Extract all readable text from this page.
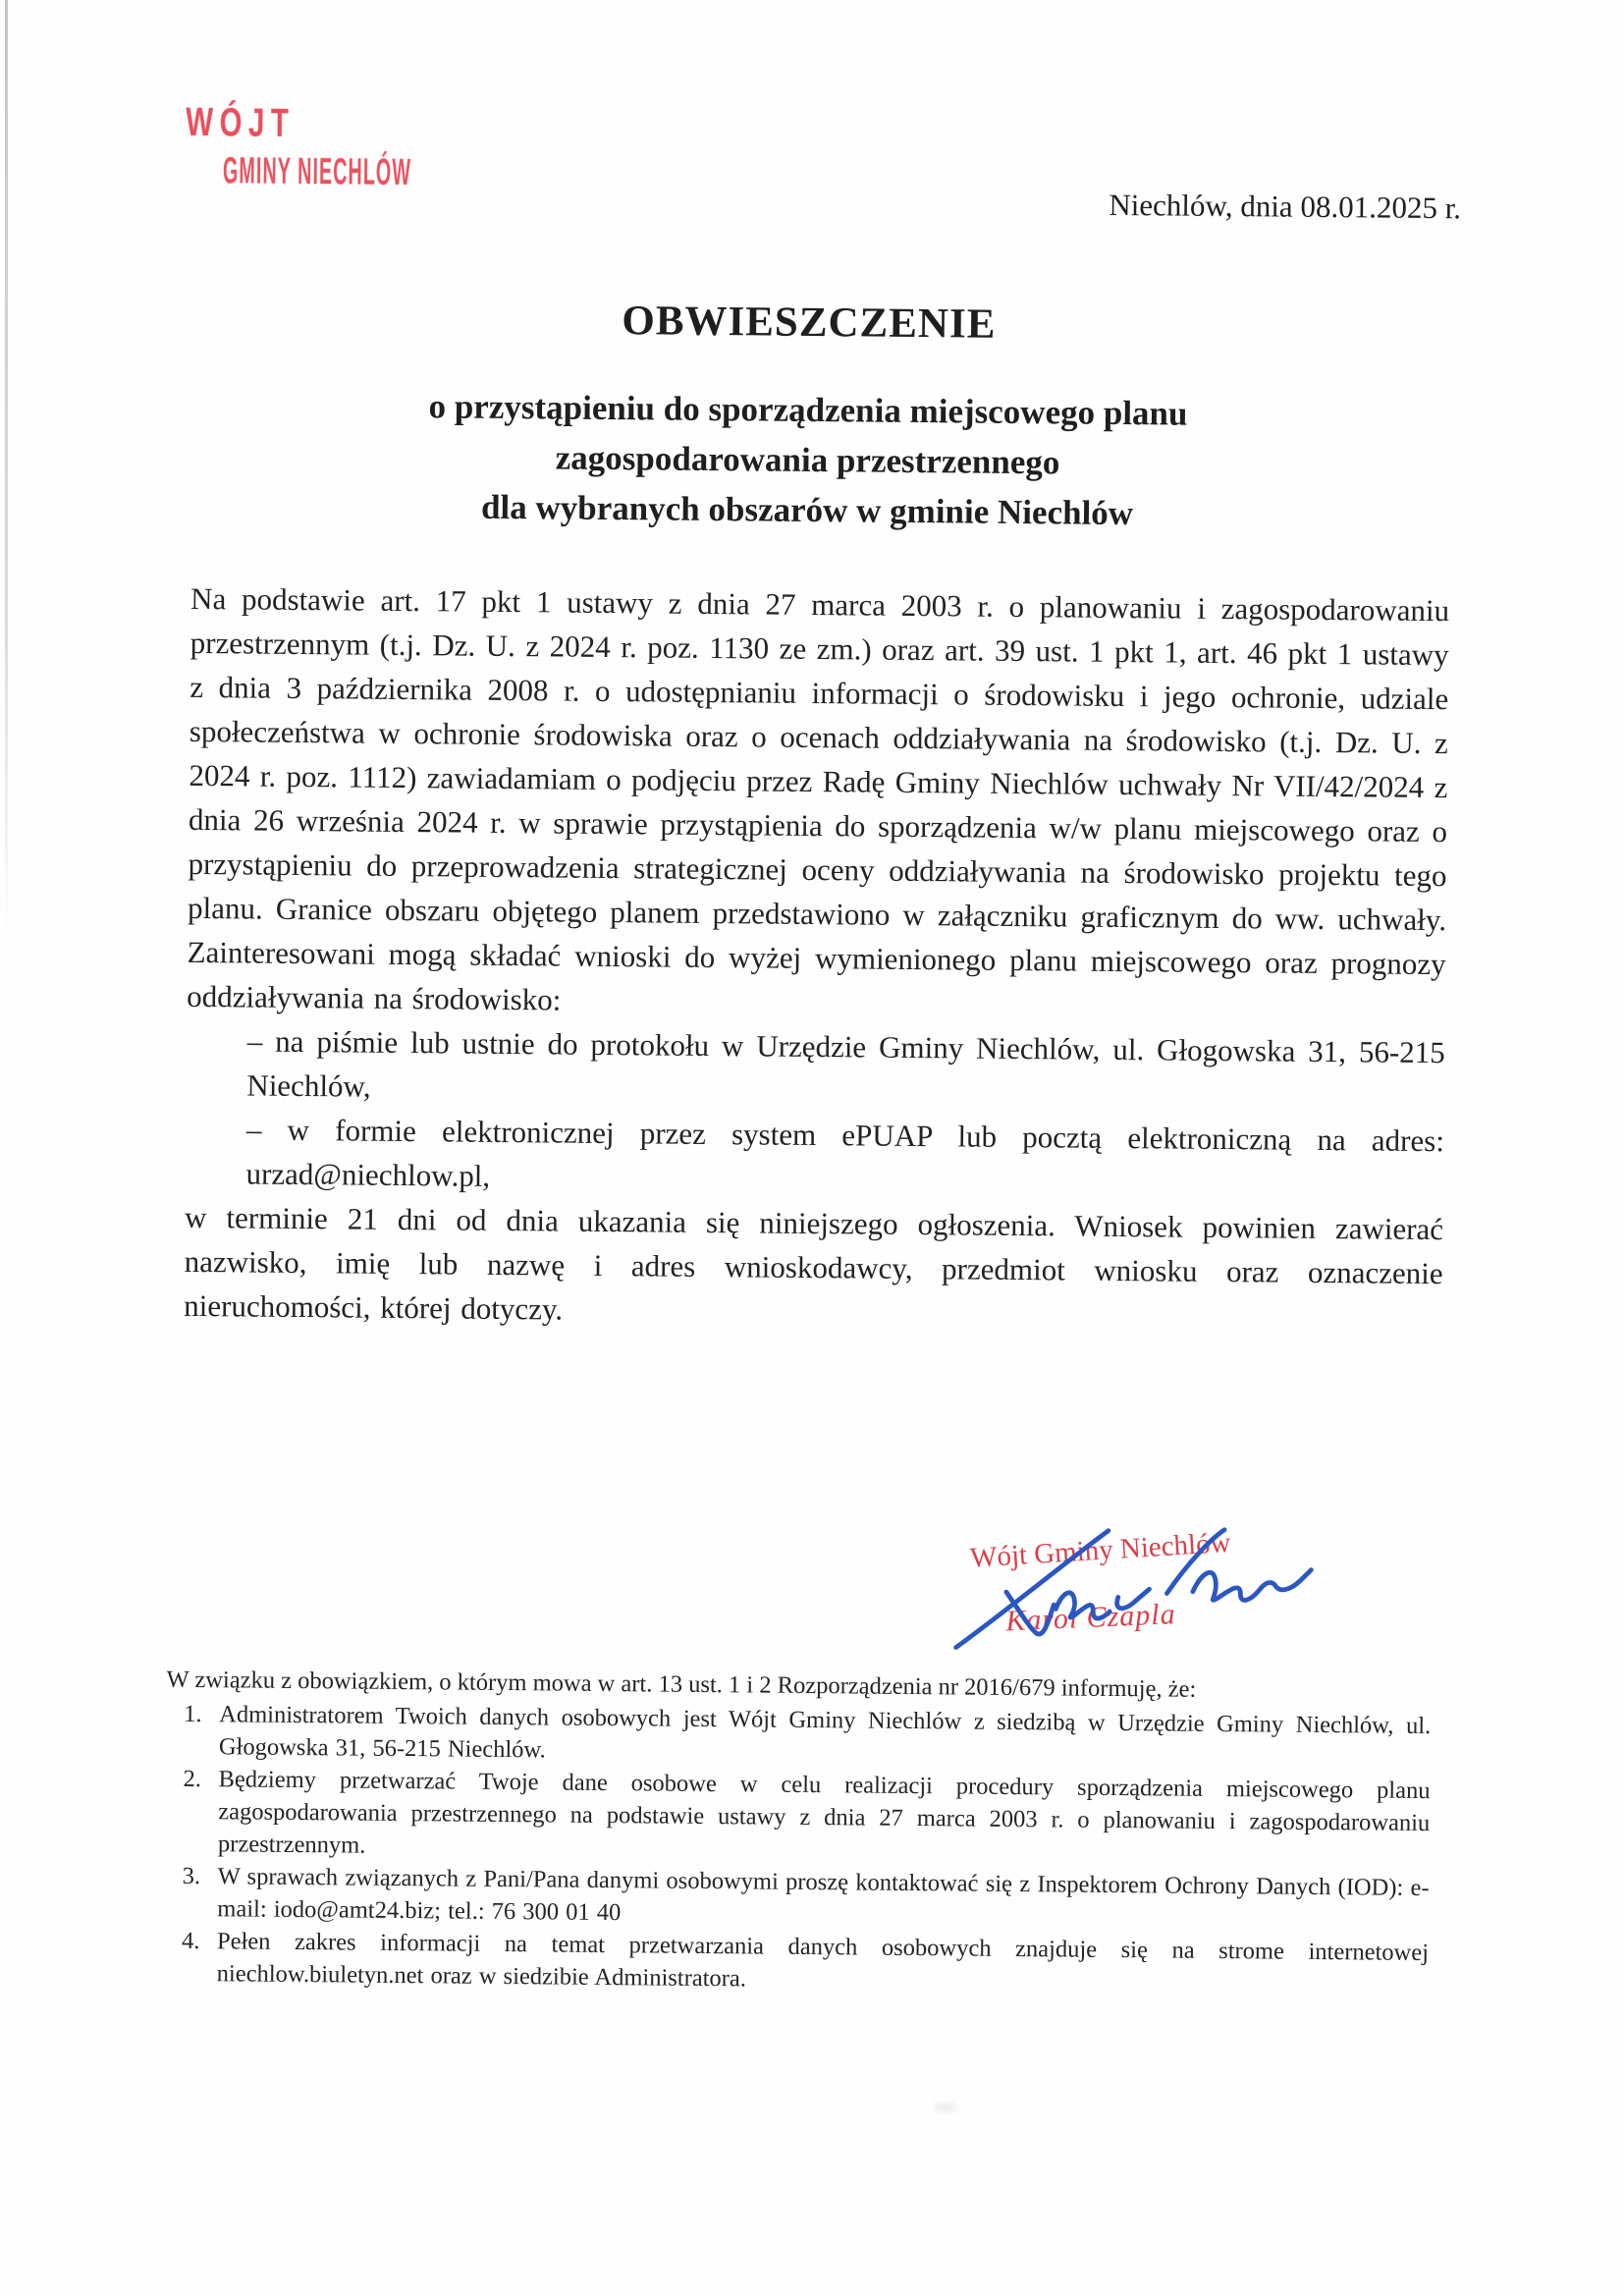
WÓJT
GMINY NIECHLÓW
Niechlów, dnia 08.01.2025 r.
OBWIESZCZENIE
o przystąpieniu do sporządzenia miejscowego planu
zagospodarowania przestrzennego
dla wybranych obszarów w gminie Niechlów

Na podstawie art. 17 pkt 1 ustawy z dnia 27 marca 2003 r. o planowaniu i zagospodarowaniu przestrzennym (t.j. Dz. U. z 2024 r. poz. 1130 ze zm.) oraz art. 39 ust. 1 pkt 1, art. 46 pkt 1 ustawy z dnia 3 października 2008 r. o udostępnianiu informacji o środowisku i jego ochronie, udziale społeczeństwa w ochronie środowiska oraz o ocenach oddziaływania na środowisko (t.j. Dz. U. z 2024 r. poz. 1112) zawiadamiam o podjęciu przez Radę Gminy Niechlów uchwały Nr VII/42/2024 z dnia 26 września 2024 r. w sprawie przystąpienia do sporządzenia w/w planu miejscowego oraz o przystąpieniu do przeprowadzenia strategicznej oceny oddziaływania na środowisko projektu tego planu. Granice obszaru objętego planem przedstawiono w załączniku graficznym do ww. uchwały. Zainteresowani mogą składać wnioski do wyżej wymienionego planu miejscowego oraz prognozy oddziaływania na środowisko:

– na piśmie lub ustnie do protokołu w Urzędzie Gminy Niechlów, ul. Głogowska 31, 56-215 Niechlów,

– w formie elektronicznej przez system ePUAP lub pocztą elektroniczną na adres: urzad@niechlow.pl,

w terminie 21 dni od dnia ukazania się niniejszego ogłoszenia. Wniosek powinien zawierać nazwisko, imię lub nazwę i adres wnioskodawcy, przedmiot wniosku oraz oznaczenie nieruchomości, której dotyczy.

Wójt Gminy Niechlów
Karol Czapla

W związku z obowiązkiem, o którym mowa w art. 13 ust. 1 i 2 Rozporządzenia nr 2016/679 informuję, że:

1. Administratorem Twoich danych osobowych jest Wójt Gminy Niechlów z siedzibą w Urzędzie Gminy Niechlów, ul. Głogowska 31, 56-215 Niechlów.
2. Będziemy przetwarzać Twoje dane osobowe w celu realizacji procedury sporządzenia miejscowego planu zagospodarowania przestrzennego na podstawie ustawy z dnia 27 marca 2003 r. o planowaniu i zagospodarowaniu przestrzennym.
3. W sprawach związanych z Pani/Pana danymi osobowymi proszę kontaktować się z Inspektorem Ochrony Danych (IOD): e-mail: iodo@amt24.biz; tel.: 76 300 01 40
4. Pełen zakres informacji na temat przetwarzania danych osobowych znajduje się na strome internetowej niechlow.biuletyn.net oraz w siedzibie Administratora.
